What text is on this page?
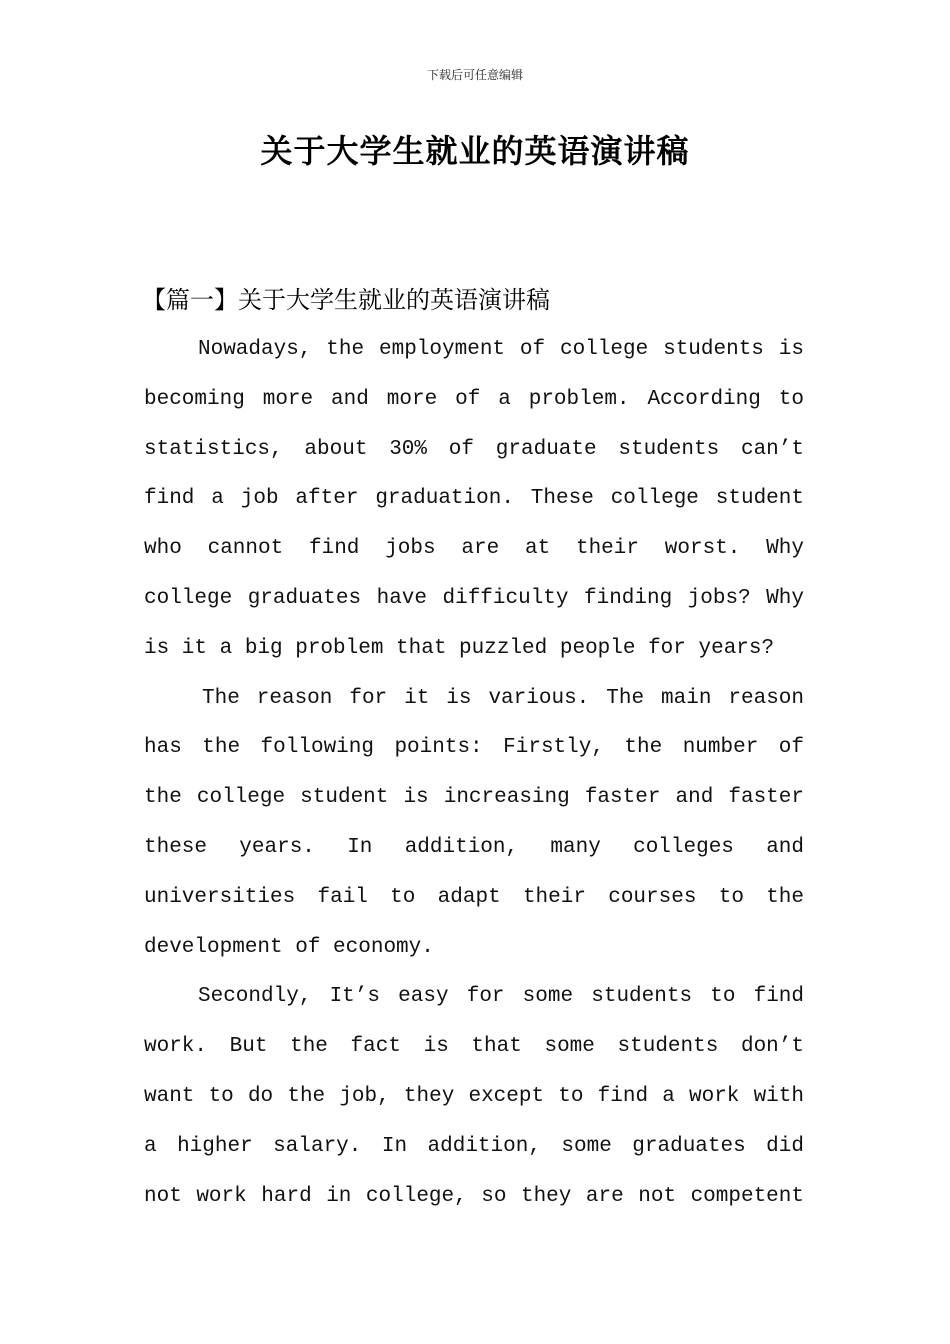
下载后可任意编辑
关于大学生就业的英语演讲稿
【篇一】关于大学生就业的英语演讲稿
Nowadays, the employment of college students is
becoming more and more of a problem. According to
statistics, about 30% of graduate students can’t
find a job after graduation. These college student
who cannot find jobs are at their worst. Why
college graduates have difficulty finding jobs? Why
is it a big problem that puzzled people for years?
The reason for it is various. The main reason
has the following points: Firstly, the number of
the college student is increasing faster and faster
these years. In addition, many colleges and
universities fail to adapt their courses to the
development of economy.
Secondly, It’s easy for some students to find
work. But the fact is that some students don’t
want to do the job, they except to find a work with
a higher salary. In addition, some graduates did
not work hard in college, so they are not competent
